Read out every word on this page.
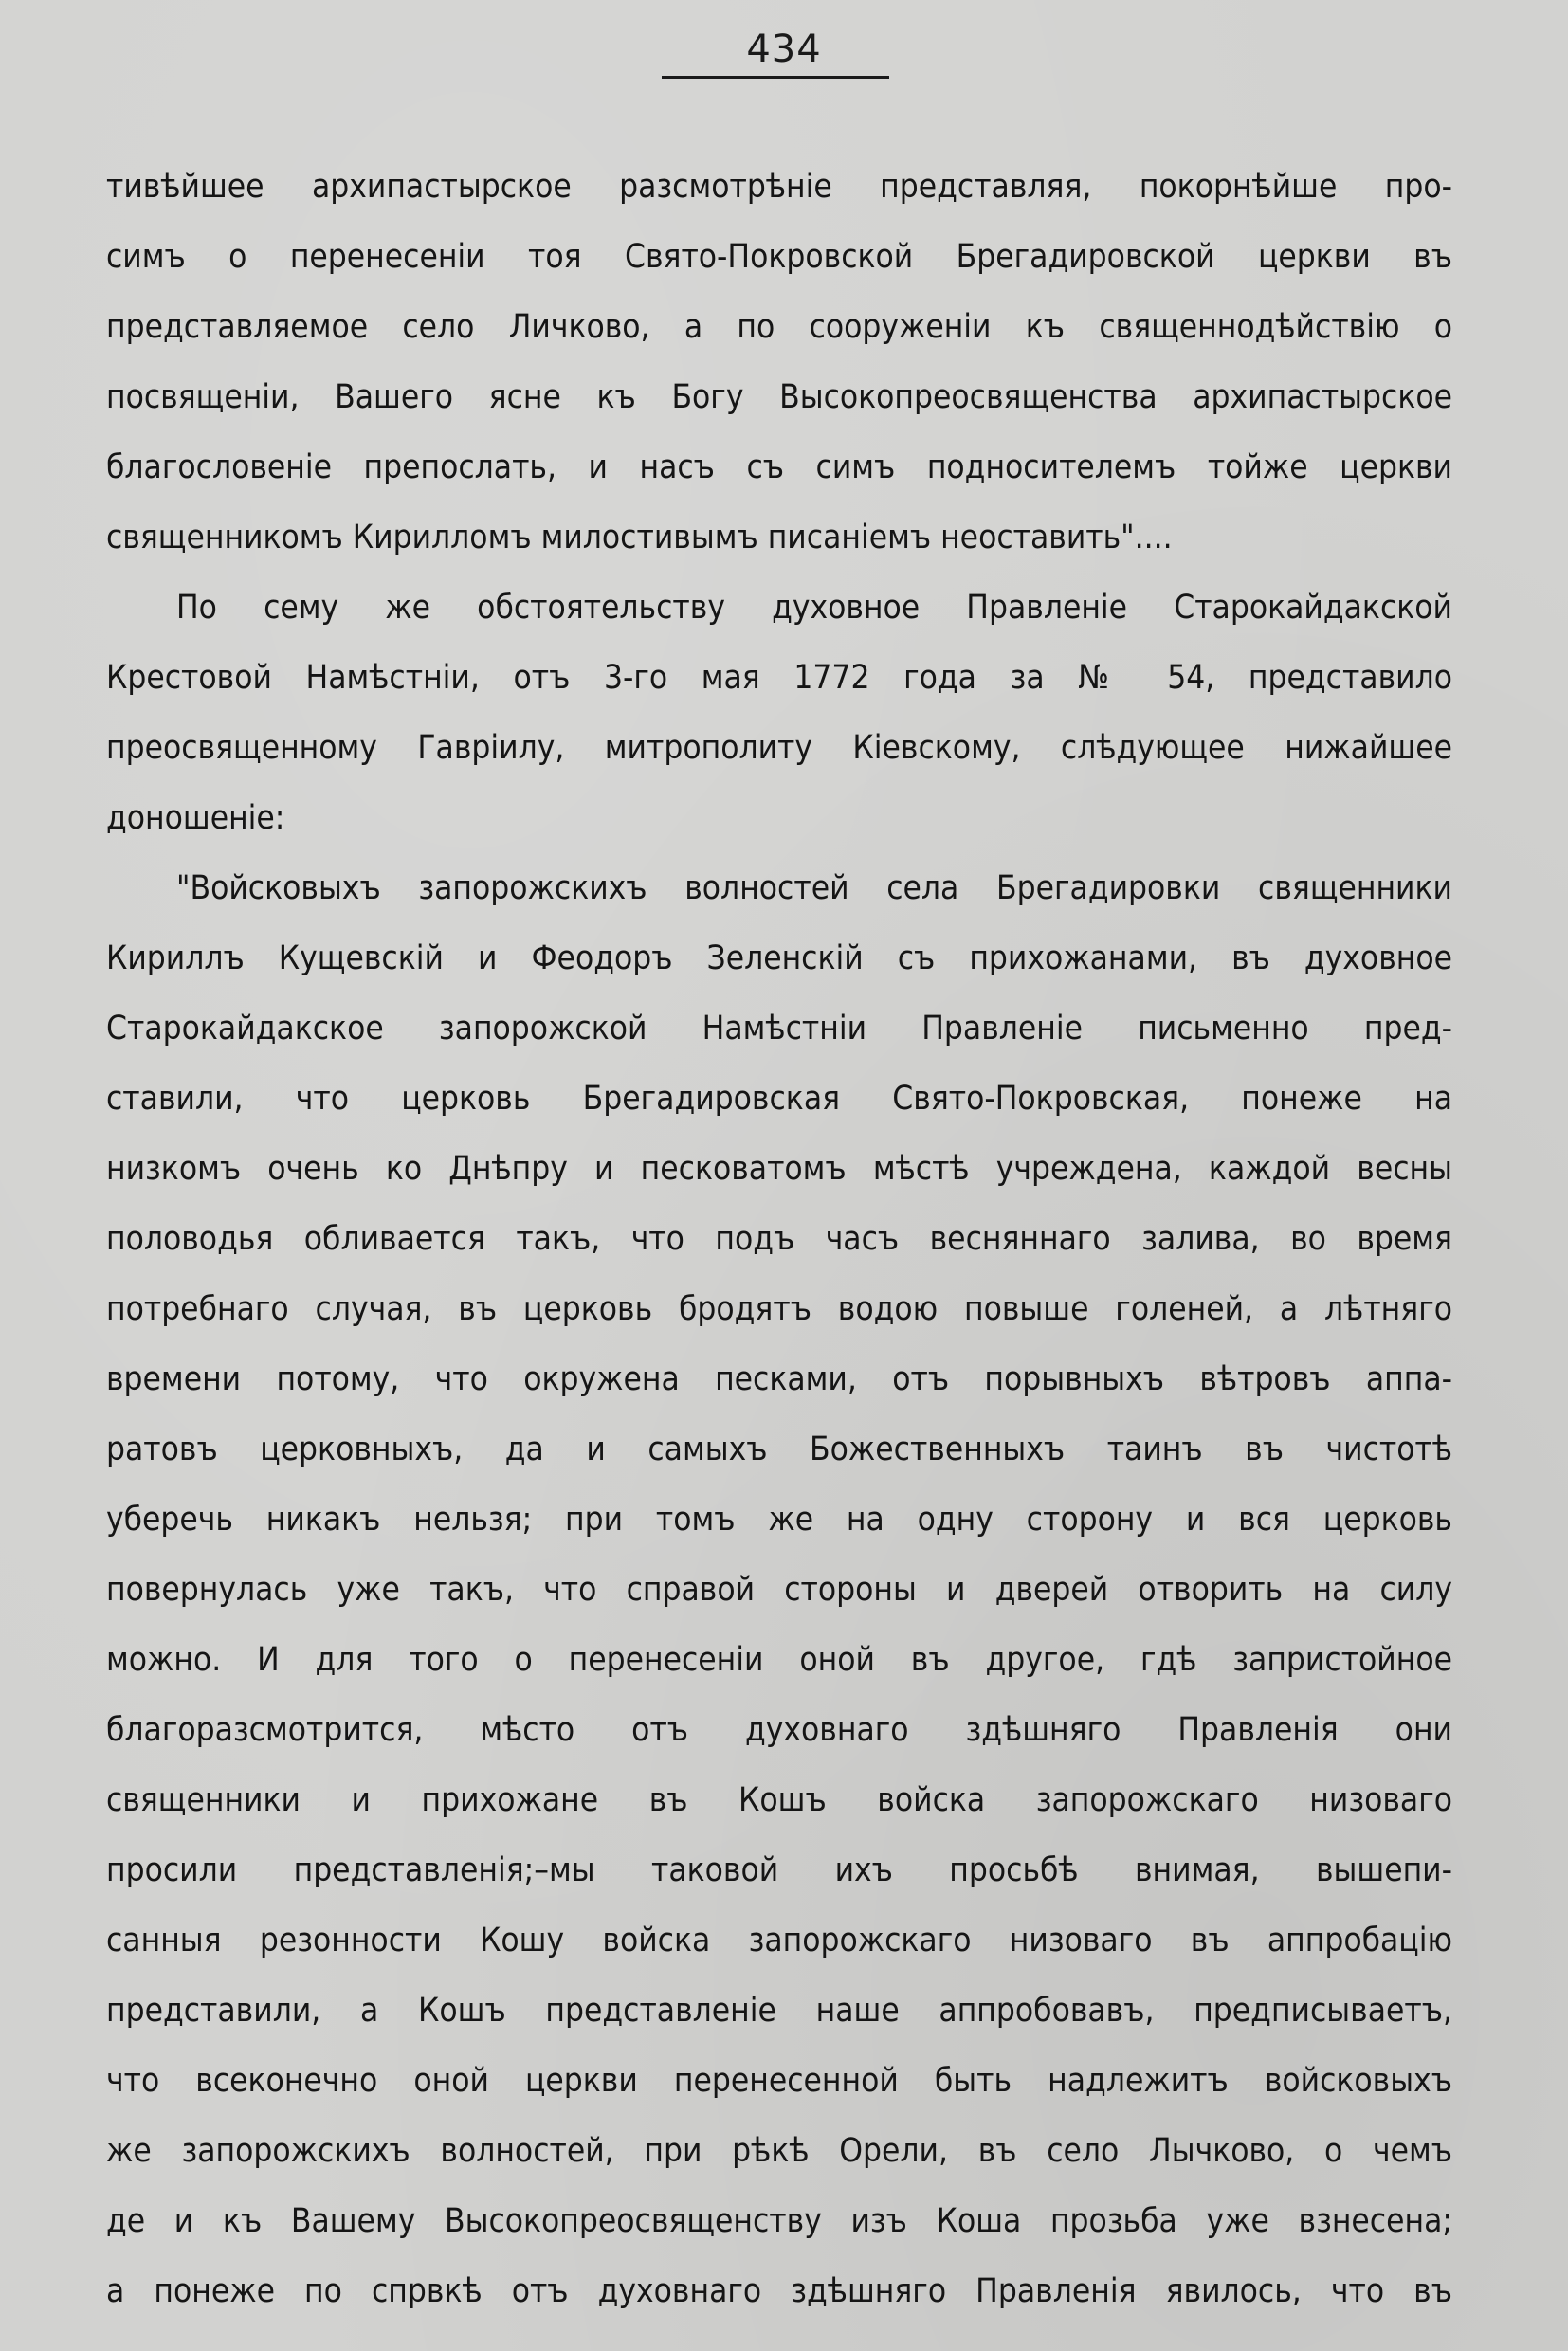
434
тивѣйшее архипастырское разсмотрѣніе представляя, покорнѣйше про-
симъ о перенесеніи тоя Свято-Покровской Брегадировской церкви въ
представляемое село Личково, а по сооруженіи къ священнодѣйствію о
посвященіи, Вашего ясне къ Богу Высокопреосвященства архипастырское
благословеніе препослать, и насъ съ симъ подносителемъ тойже церкви
священникомъ Кирилломъ милостивымъ писаніемъ неоставить"....
По сему же обстоятельству духовное Правленіе Старокайдакской
Крестовой Намѣстніи, отъ 3-го мая 1772 года за № 54, представило
преосвященному Гавріилу, митрополиту Кіевскому, слѣдующее нижайшее
доношеніе:
"Войсковыхъ запорожскихъ волностей села Брегадировки священники
Кириллъ Кущевскій и Феодоръ Зеленскій съ прихожанами, въ духовное
Старокайдакское запорожской Намѣстніи Правленіе письменно пред-
ставили, что церковь Брегадировская Свято-Покровская, понеже на
низкомъ очень ко Днѣпру и песковатомъ мѣстѣ учреждена, каждой весны
половодья обливается такъ, что подъ часъ весняннаго залива, во время
потребнаго случая, въ церковь бродятъ водою повыше голеней, а лѣтняго
времени потому, что окружена песками, отъ порывныхъ вѣтровъ аппа-
ратовъ церковныхъ, да и самыхъ Божественныхъ таинъ въ чистотѣ
уберечь никакъ нельзя; при томъ же на одну сторону и вся церковь
повернулась уже такъ, что справой стороны и дверей отворить на силу
можно. И для того о перенесеніи оной въ другое, гдѣ запристойное
благоразсмотрится, мѣсто отъ духовнаго здѣшняго Правленія они
священники и прихожане въ Кошъ войска запорожскаго низоваго
просили представленія;–мы таковой ихъ просьбѣ внимая, вышепи-
санныя резонности Кошу войска запорожскаго низоваго въ аппробацію
представили, а Кошъ представленіе наше аппробовавъ, предписываетъ,
что всеконечно оной церкви перенесенной быть надлежитъ войсковыхъ
же запорожскихъ волностей, при рѣкѣ Орели, въ село Лычково, о чемъ
де и къ Вашему Высокопреосвященству изъ Коша прозьба уже взнесена;
а понеже по спрвкѣ отъ духовнаго здѣшняго Правленія явилось, что въ
